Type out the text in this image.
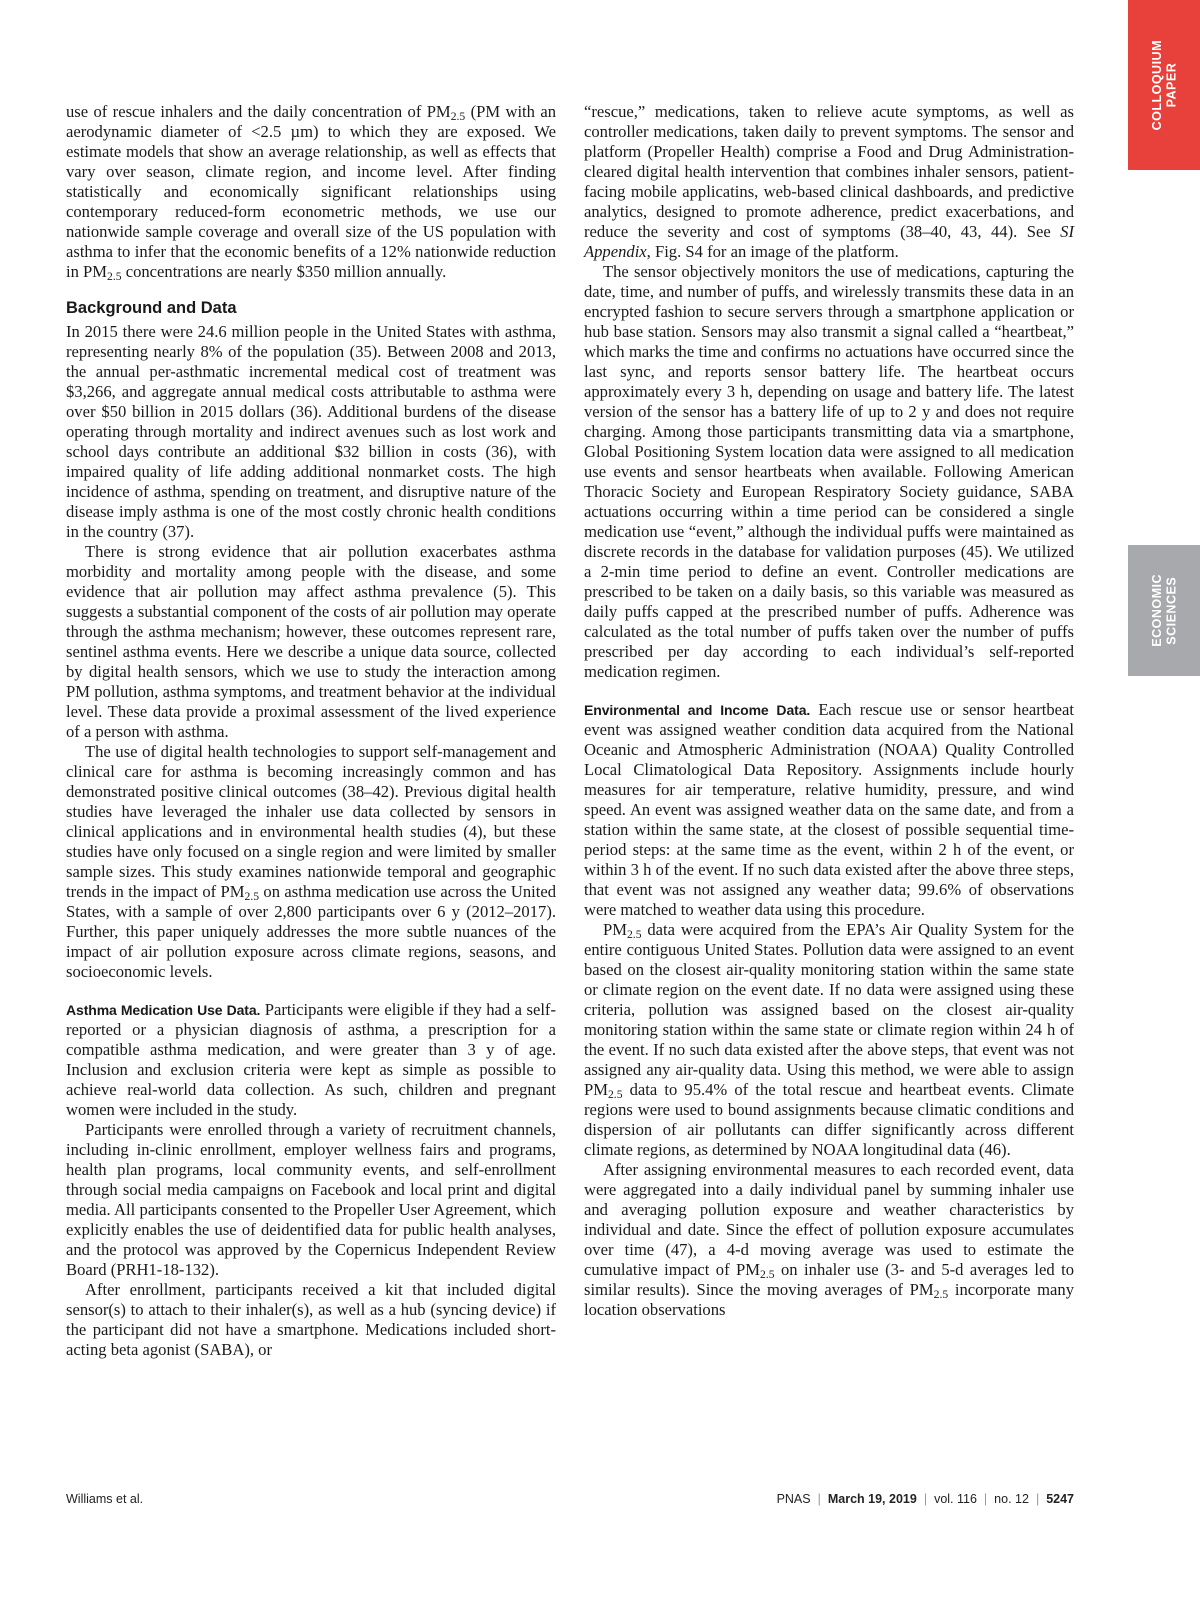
COLLOQUIUM
PAPER
ECONOMIC
SCIENCES

use of rescue inhalers and the daily concentration of $PM_{2.5}$ (PM with an aerodynamic diameter of <2.5 µm) to which they are exposed. We estimate models that show an average relationship, as well as effects that vary over season, climate region, and income level. After finding statistically and economically significant relationships using contemporary reduced-form econometric methods, we use our nationwide sample coverage and overall size of the US population with asthma to infer that the economic benefits of a 12% nationwide reduction in $PM_{2.5}$ concentrations are nearly $350 million annually.

Background and Data

In 2015 there were 24.6 million people in the United States with asthma, representing nearly 8% of the population (35). Between 2008 and 2013, the annual per-asthmatic incremental medical cost of treatment was $3,266, and aggregate annual medical costs attributable to asthma were over $50 billion in 2015 dollars (36). Additional burdens of the disease operating through mortality and indirect avenues such as lost work and school days contribute an additional $32 billion in costs (36), with impaired quality of life adding additional nonmarket costs. The high incidence of asthma, spending on treatment, and disruptive nature of the disease imply asthma is one of the most costly chronic health conditions in the country (37).

There is strong evidence that air pollution exacerbates asthma morbidity and mortality among people with the disease, and some evidence that air pollution may affect asthma prevalence (5). This suggests a substantial component of the costs of air pollution may operate through the asthma mechanism; however, these outcomes represent rare, sentinel asthma events. Here we describe a unique data source, collected by digital health sensors, which we use to study the interaction among PM pollution, asthma symptoms, and treatment behavior at the individual level. These data provide a proximal assessment of the lived experience of a person with asthma.

The use of digital health technologies to support self-management and clinical care for asthma is becoming increasingly common and has demonstrated positive clinical outcomes (38–42). Previous digital health studies have leveraged the inhaler use data collected by sensors in clinical applications and in environmental health studies (4), but these studies have only focused on a single region and were limited by smaller sample sizes. This study examines nationwide temporal and geographic trends in the impact of $PM_{2.5}$ on asthma medication use across the United States, with a sample of over 2,800 participants over 6 y (2012–2017). Further, this paper uniquely addresses the more subtle nuances of the impact of air pollution exposure across climate regions, seasons, and socioeconomic levels.

Asthma Medication Use Data. Participants were eligible if they had a self-reported or a physician diagnosis of asthma, a prescription for a compatible asthma medication, and were greater than 3 y of age. Inclusion and exclusion criteria were kept as simple as possible to achieve real-world data collection. As such, children and pregnant women were included in the study.

Participants were enrolled through a variety of recruitment channels, including in-clinic enrollment, employer wellness fairs and programs, health plan programs, local community events, and self-enrollment through social media campaigns on Facebook and local print and digital media. All participants consented to the Propeller User Agreement, which explicitly enables the use of deidentified data for public health analyses, and the protocol was approved by the Copernicus Independent Review Board (PRH1-18-132).

After enrollment, participants received a kit that included digital sensor(s) to attach to their inhaler(s), as well as a hub (syncing device) if the participant did not have a smartphone. Medications included short-acting beta agonist (SABA), or

“rescue,” medications, taken to relieve acute symptoms, as well as controller medications, taken daily to prevent symptoms. The sensor and platform (Propeller Health) comprise a Food and Drug Administration-cleared digital health intervention that combines inhaler sensors, patient-facing mobile applicatins, web-based clinical dashboards, and predictive analytics, designed to promote adherence, predict exacerbations, and reduce the severity and cost of symptoms (38–40, 43, 44). See SI Appendix, Fig. S4 for an image of the platform.

The sensor objectively monitors the use of medications, capturing the date, time, and number of puffs, and wirelessly transmits these data in an encrypted fashion to secure servers through a smartphone application or hub base station. Sensors may also transmit a signal called a “heartbeat,” which marks the time and confirms no actuations have occurred since the last sync, and reports sensor battery life. The heartbeat occurs approximately every 3 h, depending on usage and battery life. The latest version of the sensor has a battery life of up to 2 y and does not require charging. Among those participants transmitting data via a smartphone, Global Positioning System location data were assigned to all medication use events and sensor heartbeats when available. Following American Thoracic Society and European Respiratory Society guidance, SABA actuations occurring within a time period can be considered a single medication use “event,” although the individual puffs were maintained as discrete records in the database for validation purposes (45). We utilized a 2-min time period to define an event. Controller medications are prescribed to be taken on a daily basis, so this variable was measured as daily puffs capped at the prescribed number of puffs. Adherence was calculated as the total number of puffs taken over the number of puffs prescribed per day according to each individual’s self-reported medication regimen.

Environmental and Income Data. Each rescue use or sensor heartbeat event was assigned weather condition data acquired from the National Oceanic and Atmospheric Administration (NOAA) Quality Controlled Local Climatological Data Repository. Assignments include hourly measures for air temperature, relative humidity, pressure, and wind speed. An event was assigned weather data on the same date, and from a station within the same state, at the closest of possible sequential time-period steps: at the same time as the event, within 2 h of the event, or within 3 h of the event. If no such data existed after the above three steps, that event was not assigned any weather data; 99.6% of observations were matched to weather data using this procedure.

$PM_{2.5}$ data were acquired from the EPA’s Air Quality System for the entire contiguous United States. Pollution data were assigned to an event based on the closest air-quality monitoring station within the same state or climate region on the event date. If no data were assigned using these criteria, pollution was assigned based on the closest air-quality monitoring station within the same state or climate region within 24 h of the event. If no such data existed after the above steps, that event was not assigned any air-quality data. Using this method, we were able to assign $PM_{2.5}$ data to 95.4% of the total rescue and heartbeat events. Climate regions were used to bound assignments because climatic conditions and dispersion of air pollutants can differ significantly across different climate regions, as determined by NOAA longitudinal data (46).

After assigning environmental measures to each recorded event, data were aggregated into a daily individual panel by summing inhaler use and averaging pollution exposure and weather characteristics by individual and date. Since the effect of pollution exposure accumulates over time (47), a 4-d moving average was used to estimate the cumulative impact of $PM_{2.5}$ on inhaler use (3- and 5-d averages led to similar results). Since the moving averages of $PM_{2.5}$ incorporate many location observations

Williams et al.	PNAS | March 19, 2019 | vol. 116 | no. 12 | 5247
